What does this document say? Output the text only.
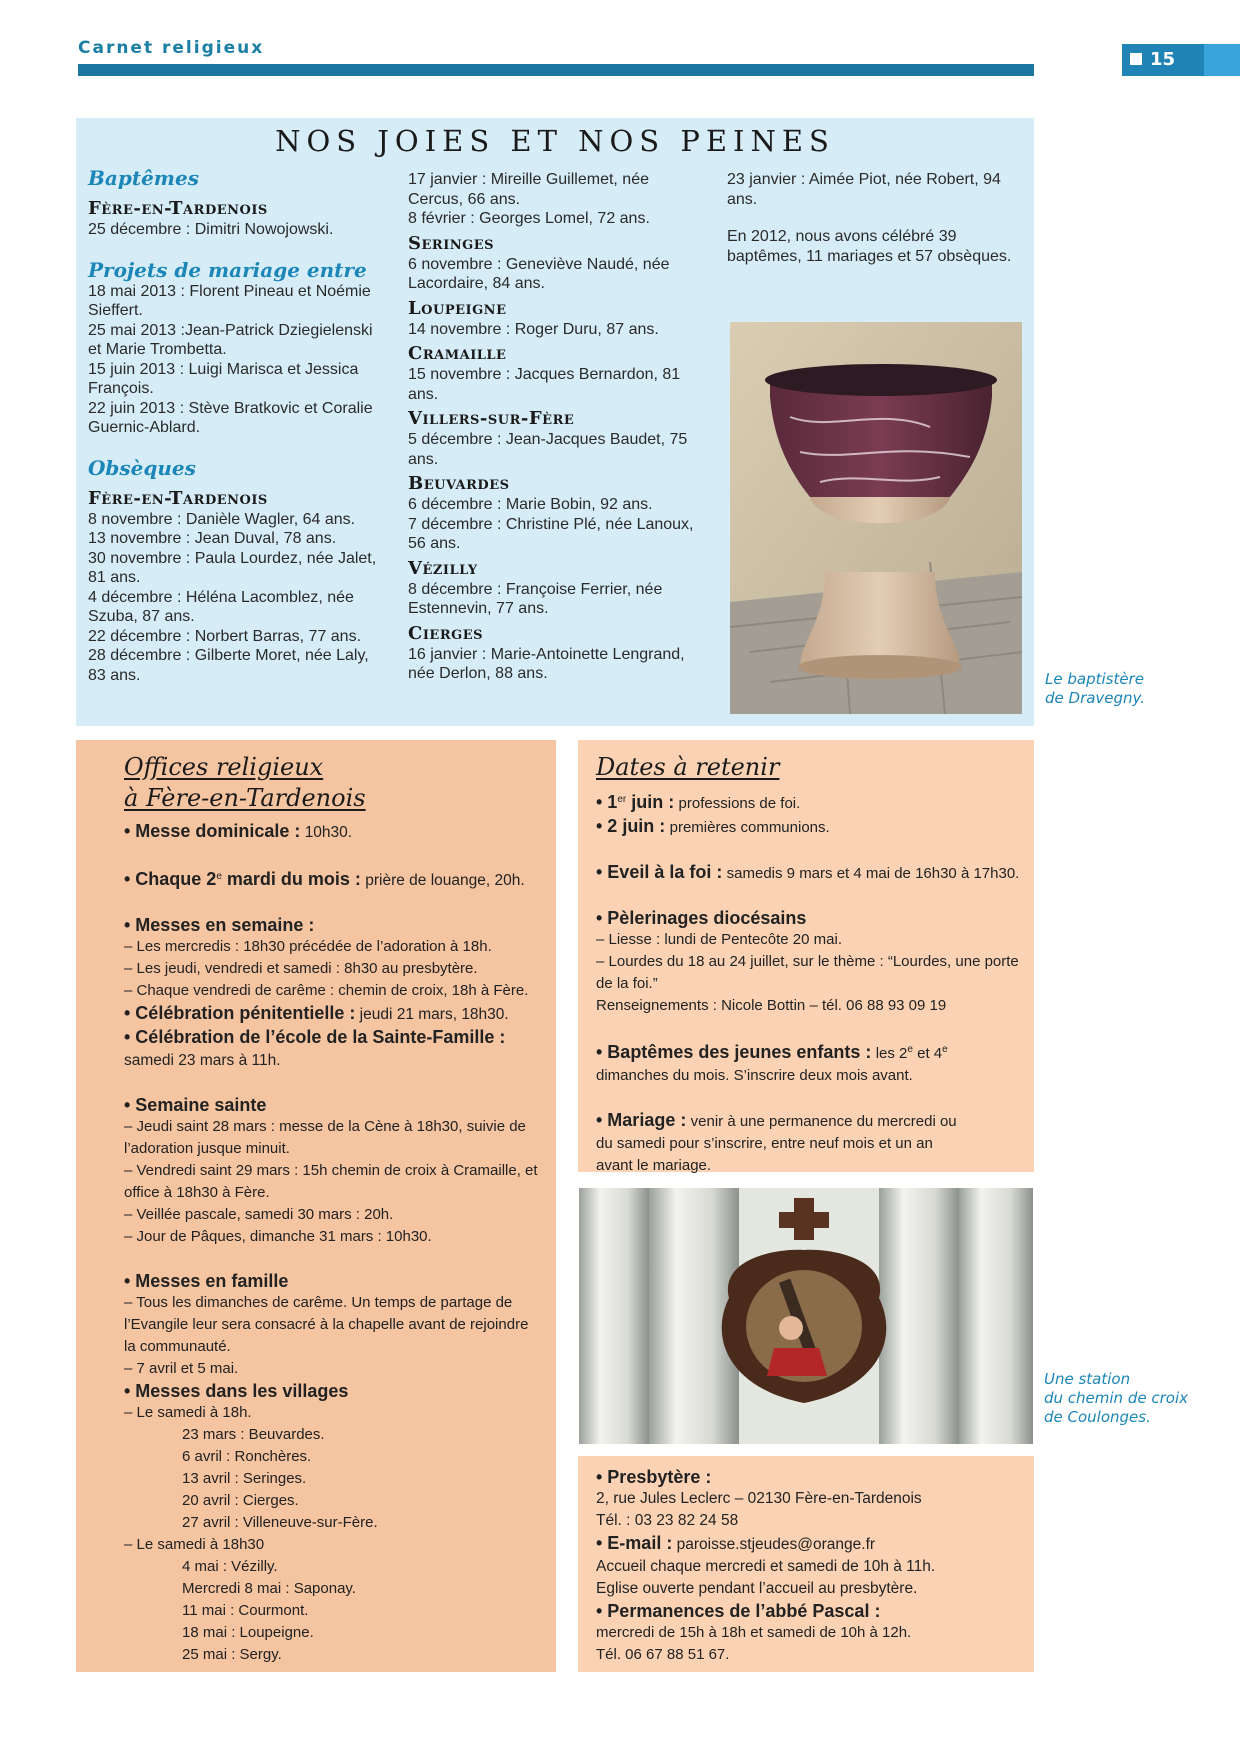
Carnet religieux
15
NOS JOIES ET NOS PEINES
Baptêmes
Fère-en-Tardenois
25 décembre : Dimitri Nowojowski.
Projets de mariage entre
18 mai 2013 : Florent Pineau et Noémie Sieffert.
25 mai 2013 :Jean-Patrick Dziegielenski et Marie Trombetta.
15 juin 2013 : Luigi Marisca et Jessica François.
22 juin 2013 : Stève Bratkovic et Coralie Guernic-Ablard.
Obsèques
Fère-en-Tardenois
8 novembre : Danièle Wagler, 64 ans.
13 novembre : Jean Duval, 78 ans.
30 novembre : Paula Lourdez, née Jalet, 81 ans.
4 décembre : Héléna Lacomblez, née Szuba, 87 ans.
22 décembre : Norbert Barras, 77 ans.
28 décembre : Gilberte Moret, née Laly, 83 ans.
17 janvier : Mireille Guillemet, née Cercus, 66 ans.
8 février : Georges Lomel, 72 ans.
Seringes
6 novembre : Geneviève Naudé, née Lacordaire, 84 ans.
Loupeigne
14 novembre : Roger Duru, 87 ans.
Cramaille
15 novembre : Jacques Bernardon, 81 ans.
Villers-sur-Fère
5 décembre : Jean-Jacques Baudet, 75 ans.
Beuvardes
6 décembre : Marie Bobin, 92 ans.
7 décembre : Christine Plé, née Lanoux, 56 ans.
Vézilly
8 décembre : Françoise Ferrier, née Estennevin, 77 ans.
Cierges
16 janvier : Marie-Antoinette Lengrand, née Derlon, 88 ans.
23 janvier : Aimée Piot, née Robert, 94 ans.
En 2012, nous avons célébré 39 baptêmes, 11 mariages et 57 obsèques.
Le baptistère
de Dravegny.
Offices religieux
à Fère-en-Tardenois
• Messe dominicale : 10h30.
• Chaque 2e mardi du mois : prière de louange, 20h.
• Messes en semaine :
– Les mercredis : 18h30 précédée de l’adoration à 18h.
– Les jeudi, vendredi et samedi : 8h30 au presbytère.
– Chaque vendredi de carême : chemin de croix, 18h à Fère.
• Célébration pénitentielle : jeudi 21 mars, 18h30.
• Célébration de l’école de la Sainte-Famille : samedi 23 mars à 11h.
• Semaine sainte
– Jeudi saint 28 mars : messe de la Cène à 18h30, suivie de l’adoration jusque minuit.
– Vendredi saint 29 mars : 15h chemin de croix à Cramaille, et office à 18h30 à Fère.
– Veillée pascale, samedi 30 mars : 20h.
– Jour de Pâques, dimanche 31 mars : 10h30.
• Messes en famille
– Tous les dimanches de carême. Un temps de partage de l’Evangile leur sera consacré à la chapelle avant de rejoindre la communauté.
– 7 avril et 5 mai.
• Messes dans les villages
– Le samedi à 18h.
23 mars : Beuvardes.
6 avril : Ronchères.
13 avril : Seringes.
20 avril : Cierges.
27 avril : Villeneuve-sur-Fère.
– Le samedi à 18h30
4 mai : Vézilly.
Mercredi 8 mai : Saponay.
11 mai : Courmont.
18 mai : Loupeigne.
25 mai : Sergy.
Dates à retenir
• 1er juin : professions de foi.
• 2 juin : premières communions.
• Eveil à la foi : samedis 9 mars et 4 mai de 16h30 à 17h30.
• Pèlerinages diocésains
– Liesse : lundi de Pentecôte 20 mai.
– Lourdes du 18 au 24 juillet, sur le thème : “Lourdes, une porte de la foi.”
Renseignements : Nicole Bottin – tél. 06 88 93 09 19
• Baptêmes des jeunes enfants : les 2e et 4e
dimanches du mois. S’inscrire deux mois avant.
• Mariage : venir à une permanence du mercredi ou du samedi pour s’inscrire, entre neuf mois et un an avant le mariage.
Une station
du chemin de croix
de Coulonges.
• Presbytère :
2, rue Jules Leclerc – 02130 Fère-en-Tardenois
Tél. : 03 23 82 24 58
• E-mail : paroisse.stjeudes@orange.fr
Accueil chaque mercredi et samedi de 10h à 11h.
Eglise ouverte pendant l’accueil au presbytère.
• Permanences de l’abbé Pascal :
mercredi de 15h à 18h et samedi de 10h à 12h.
Tél. 06 67 88 51 67.
